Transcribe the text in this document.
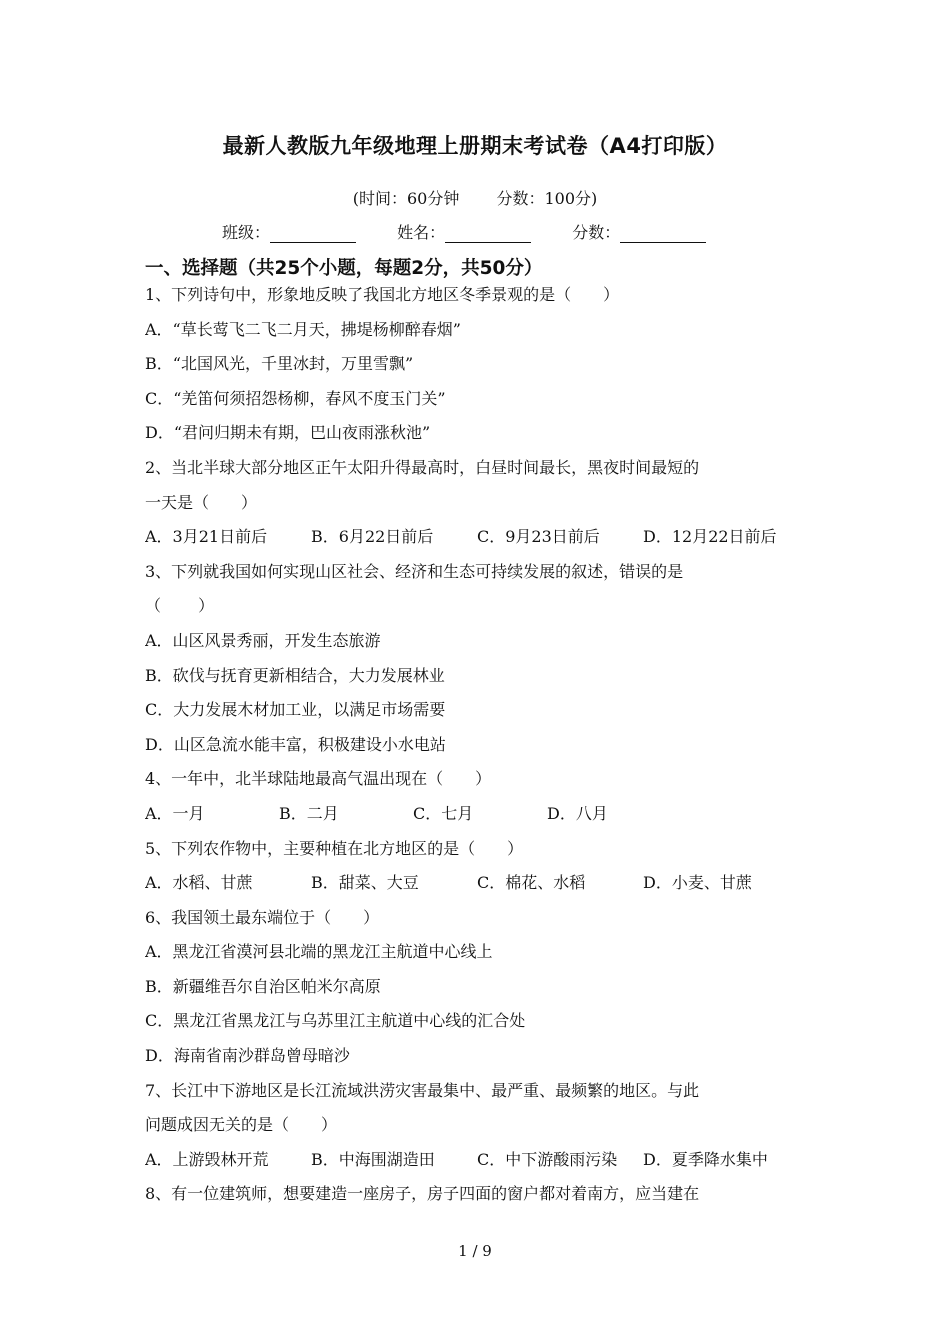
最新人教版九年级地理上册期末考试卷（A4打印版）
(时间：60分钟 分数：100分)
班级：	姓名：	分数：
一、选择题（共25个小题，每题2分，共50分）
1、下列诗句中，形象地反映了我国北方地区冬季景观的是（　　）
A．“草长莺飞二飞二月天，拂堤杨柳醉春烟”
B．“北国风光，千里冰封，万里雪飘”
C．“羌笛何须招怨杨柳，春风不度玉门关”
D．“君问归期未有期，巴山夜雨涨秋池”
2、当北半球大部分地区正午太阳升得最高时，白昼时间最长，黑夜时间最短的
一天是（　　）
A．3月21日前后	B．6月22日前后	C．9月23日前后	D．12月22日前后
3、下列就我国如何实现山区社会、经济和生态可持续发展的叙述，错误的是
（　　 ）
A．山区风景秀丽，开发生态旅游
B．砍伐与抚育更新相结合，大力发展林业
C．大力发展木材加工业，以满足市场需要
D．山区急流水能丰富，积极建设小水电站
4、一年中，北半球陆地最高气温出现在（　　）
A．一月	B．二月	C．七月	D．八月
5、下列农作物中，主要种植在北方地区的是（　　）
A．水稻、甘蔗	B．甜菜、大豆	C．棉花、水稻	D．小麦、甘蔗
6、我国领土最东端位于（　　）
A．黑龙江省漠河县北端的黑龙江主航道中心线上
B．新疆维吾尔自治区帕米尔高原
C．黑龙江省黑龙江与乌苏里江主航道中心线的汇合处
D．海南省南沙群岛曾母暗沙
7、长江中下游地区是长江流域洪涝灾害最集中、最严重、最频繁的地区。与此
问题成因无关的是（　　）
A．上游毁林开荒	B．中海围湖造田	C．中下游酸雨污染	D．夏季降水集中
8、有一位建筑师，想要建造一座房子，房子四面的窗户都对着南方，应当建在
1 / 9
